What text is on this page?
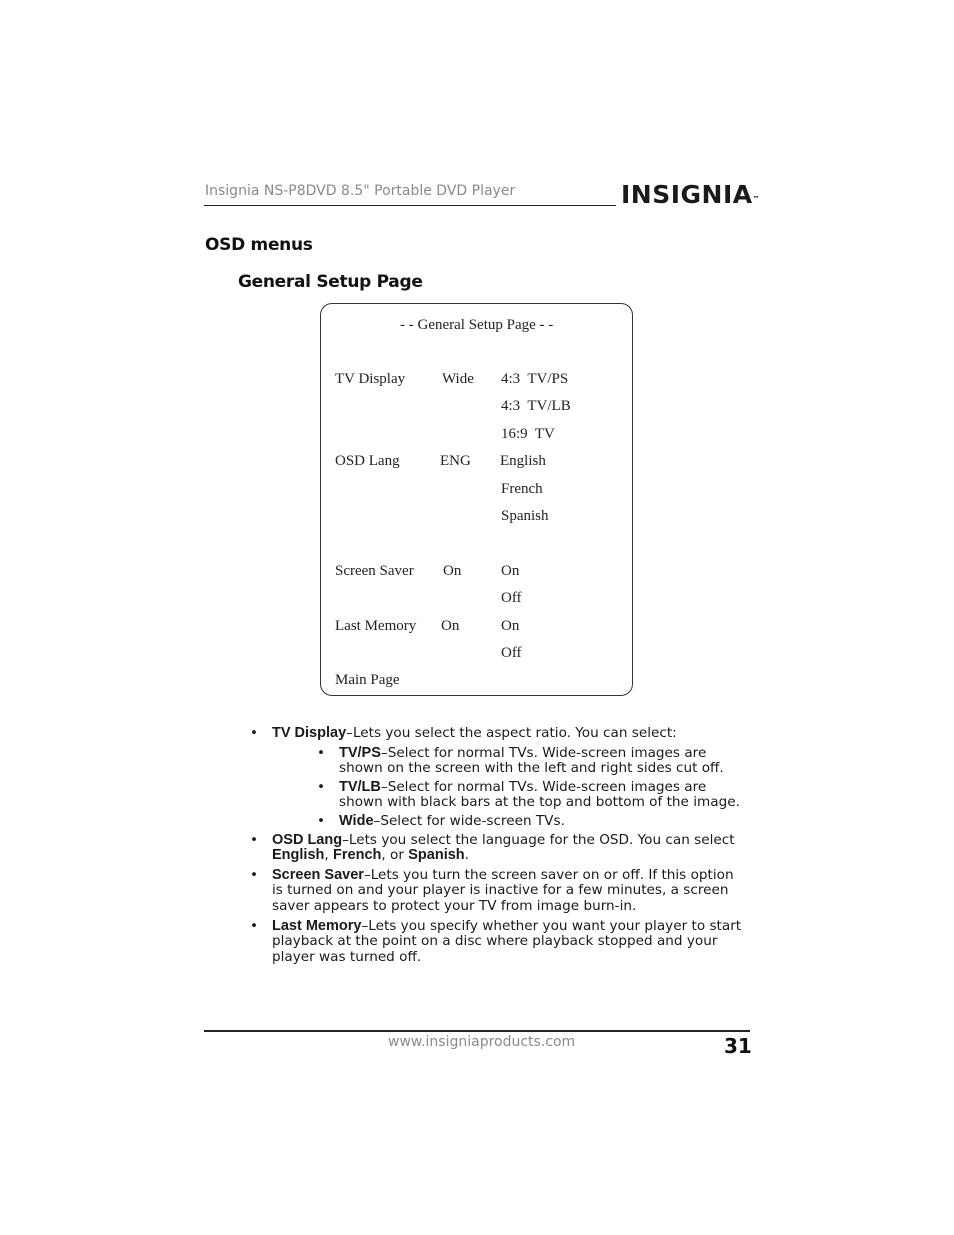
Insignia NS-P8DVD 8.5" Portable DVD Player	INSIGNIA™
OSD menus
General Setup Page
- - General Setup Page - -
TV Display Wide 4:3  TV/PS
4:3  TV/LB
16:9  TV
OSD Lang	ENG English
French
Spanish
Screen Saver On	On
Off
Last Memory On	On
Off
Main Page
• TV Display–Lets you select the aspect ratio. You can select:
• TV/PS–Select for normal TVs. Wide-screen images are shown on the screen with the left and right sides cut off.
• TV/LB–Select for normal TVs. Wide-screen images are shown with black bars at the top and bottom of the image.
• Wide–Select for wide-screen TVs.
• OSD Lang–Lets you select the language for the OSD. You can select English, French, or Spanish.
• Screen Saver–Lets you turn the screen saver on or off. If this option is turned on and your player is inactive for a few minutes, a screen saver appears to protect your TV from image burn-in.
• Last Memory–Lets you specify whether you want your player to start playback at the point on a disc where playback stopped and your player was turned off.
www.insigniaproducts.com	31
